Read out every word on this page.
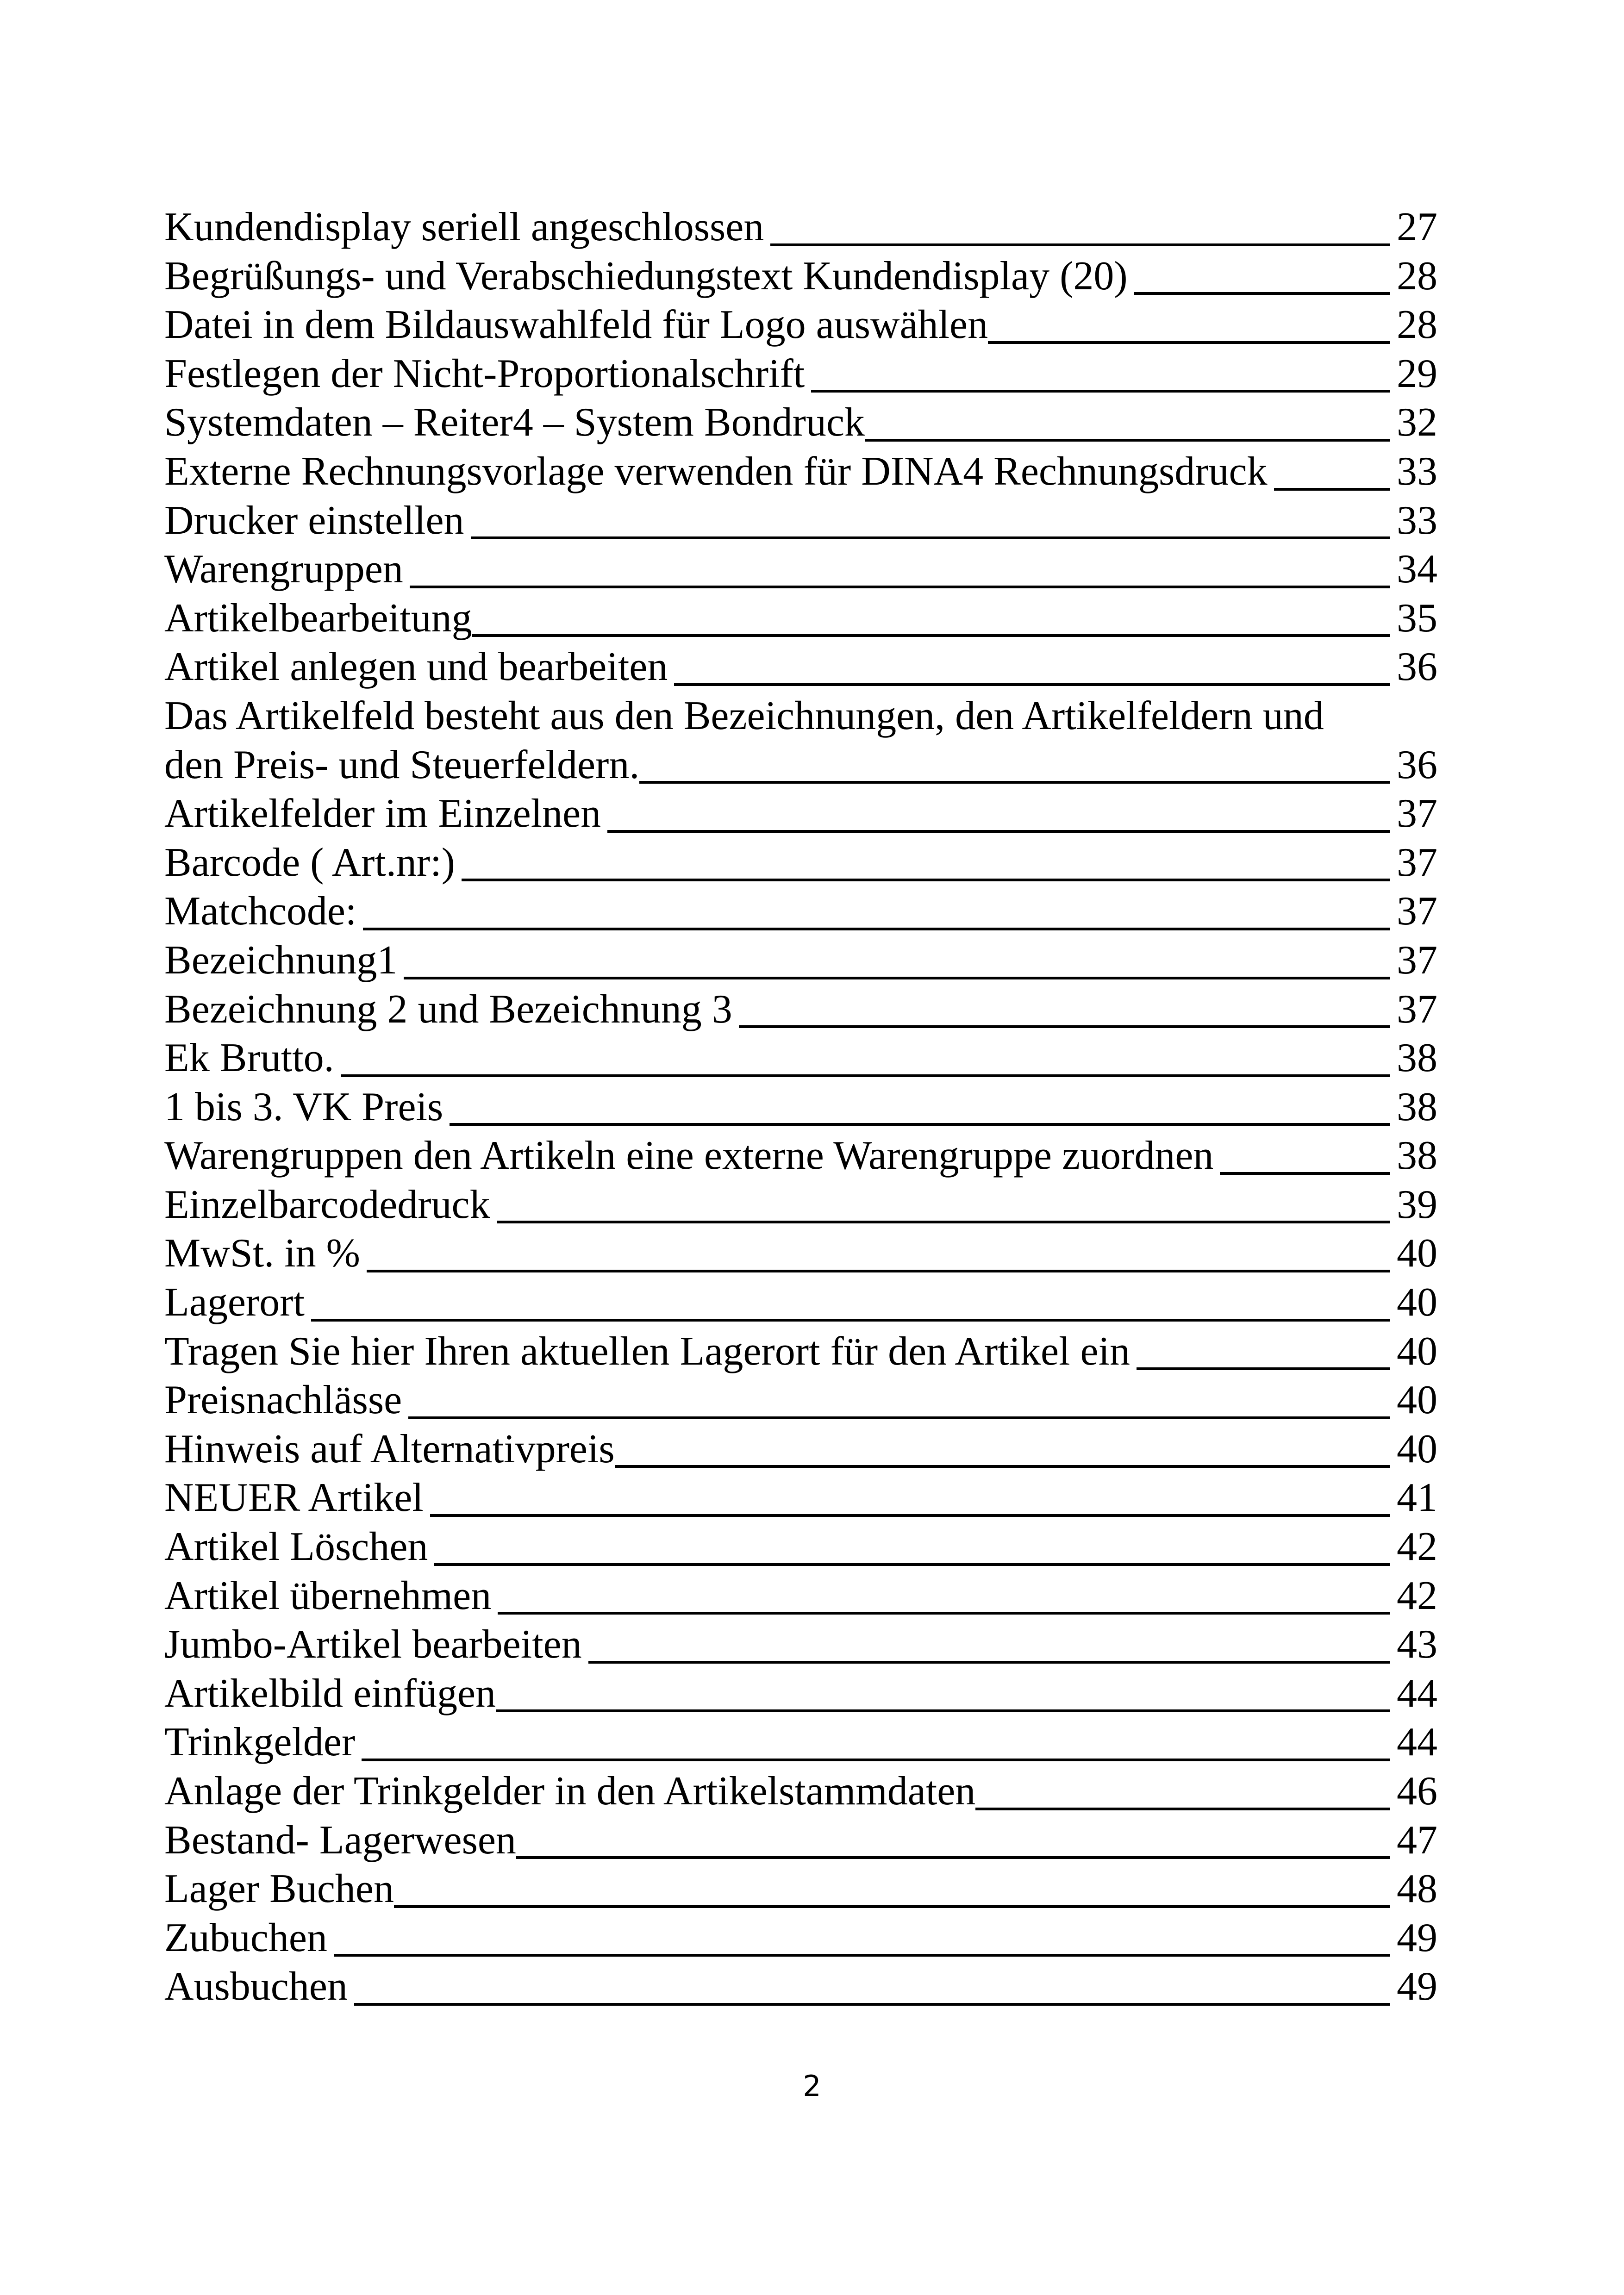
Kundendisplay seriell angeschlossen	27
Begrüßungs- und Verabschiedungstext Kundendisplay (20)	28
Datei in dem Bildauswahlfeld für Logo auswählen	28
Festlegen der Nicht-Proportionalschrift	29
Systemdaten – Reiter4 – System Bondruck	32
Externe Rechnungsvorlage verwenden für DINA4 Rechnungsdruck	33
Drucker einstellen	33
Warengruppen	34
Artikelbearbeitung	35
Artikel anlegen und bearbeiten	36
Das Artikelfeld besteht aus den Bezeichnungen, den Artikelfeldern und
den Preis- und Steuerfeldern.	36
Artikelfelder im Einzelnen	37
Barcode ( Art.nr:)	37
Matchcode:	37
Bezeichnung1	37
Bezeichnung 2 und Bezeichnung 3	37
Ek Brutto.	38
1 bis 3. VK Preis	38
Warengruppen den Artikeln eine externe Warengruppe zuordnen	38
Einzelbarcodedruck	39
MwSt. in %	40
Lagerort	40
Tragen Sie hier Ihren aktuellen Lagerort für den Artikel ein	40
Preisnachlässe	40
Hinweis auf Alternativpreis	40
NEUER Artikel	41
Artikel Löschen	42
Artikel übernehmen	42
Jumbo-Artikel bearbeiten	43
Artikelbild einfügen	44
Trinkgelder	44
Anlage der Trinkgelder in den Artikelstammdaten	46
Bestand- Lagerwesen	47
Lager Buchen	48
Zubuchen	49
Ausbuchen	49
2
